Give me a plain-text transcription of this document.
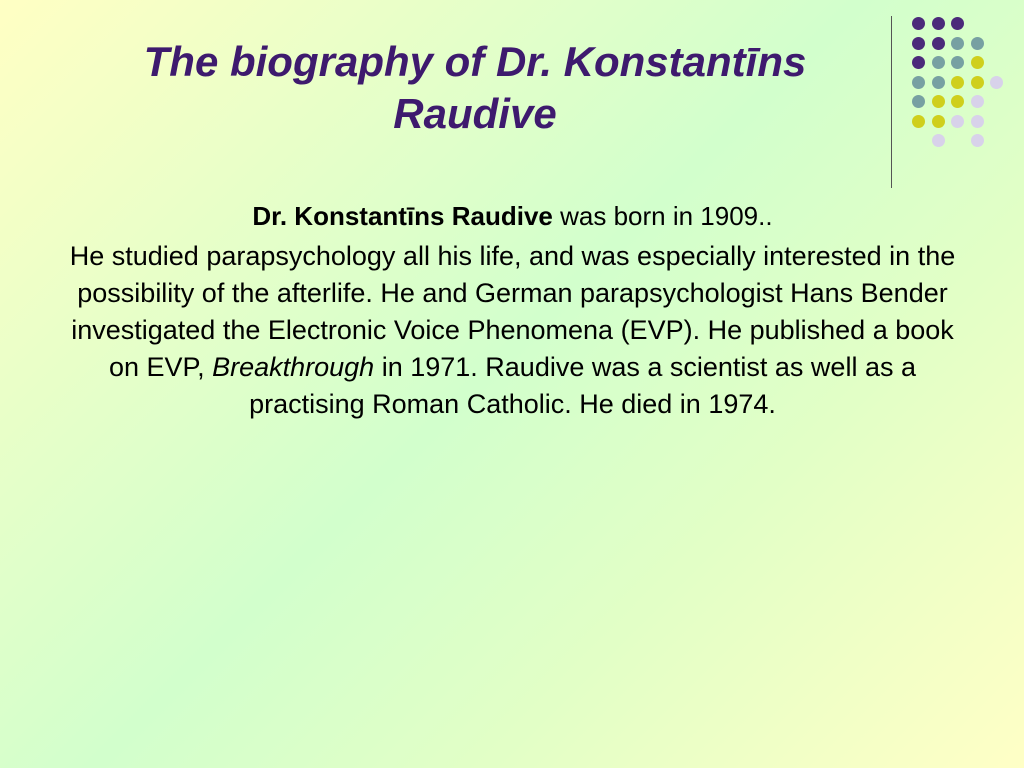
The biography of Dr. Konstantīns
Raudive

Dr. Konstantīns Raudive was born in 1909..

He studied parapsychology all his life, and was especially interested in the possibility of the afterlife. He and German parapsychologist Hans Bender investigated the Electronic Voice Phenomena (EVP). He published a book on EVP, Breakthrough in 1971. Raudive was a scientist as well as a practising Roman Catholic. He died in 1974.
